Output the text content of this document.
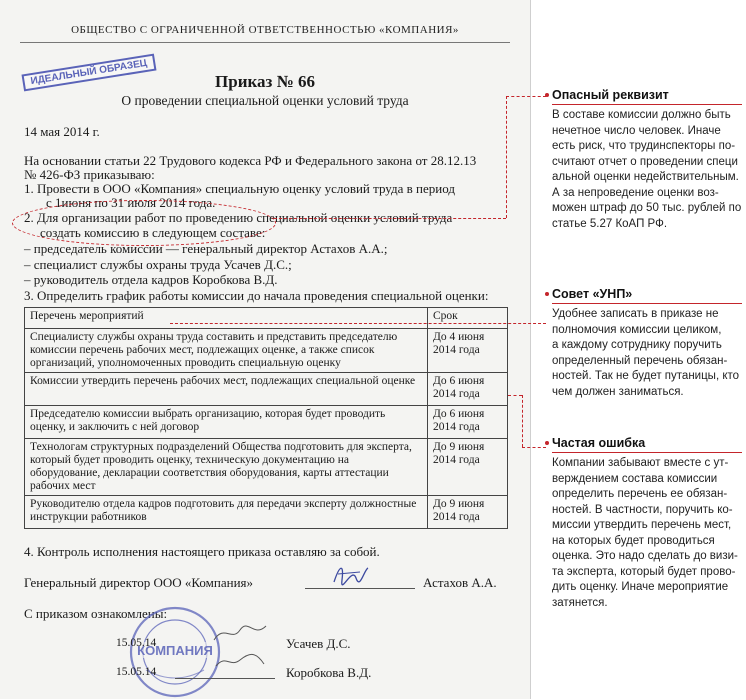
ОБЩЕСТВО С ОГРАНИЧЕННОЙ ОТВЕТСТВЕННОСТЬЮ «КОМПАНИЯ»
ИДЕАЛЬНЫЙ ОБРАЗЕЦ	Приказ № 66
О проведении специальной оценки условий труда
14 мая 2014 г.
На основании статьи 22 Трудового кодекса РФ и Федерального закона от 28.12.13
№ 426-ФЗ приказываю:
1. Провести в ООО «Компания» специальную оценку условий труда в период
с 1июня по 31 июля 2014 года.
2. Для организации работ по проведению специальной оценки условий труда
создать комиссию в следующем составе:
– председатель комиссии — генеральный директор Астахов А.А.;
– специалист службы охраны труда Усачев Д.С.;
– руководитель отдела кадров Коробкова В.Д.
3. Определить график работы комиссии до начала проведения специальной оценки:
Перечень мероприятий	Срок
Специалисту службы охраны труда составить и представить председателю комиссии перечень рабочих мест, подлежащих оценке, а также список организаций, уполномоченных проводить специальную оценку	До 4 июня 2014 года
Комиссии утвердить перечень рабочих мест, подлежащих специальной оценке	До 6 июня 2014 года
Председателю комиссии выбрать организацию, которая будет проводить оценку, и заключить с ней договор	До 6 июня 2014 года
Технологам структурных подразделений Общества подготовить для эксперта, который будет проводить оценку, техническую документацию на оборудование, декларации соответствия оборудования, карты аттестации рабочих мест	До 9 июня 2014 года
Руководителю отдела кадров подготовить для передачи эксперту должностные инструкции работников	До 9 июня 2014 года
4. Контроль исполнения настоящего приказа оставляю за собой.
Генеральный директор ООО «Компания»	Астахов А.А.
С приказом ознакомлены:
КОМПАНИЯ
15.05.14	Усачев Д.С.
15.05.14	Коробкова В.Д.
Опасный реквизит
В составе комиссии должно быть
нечетное число человек. Иначе
есть риск, что трудинспекторы по-
считают отчет о проведении специ
альной оценки недействительным.
А за непроведение оценки воз-
можен штраф до 50 тыс. рублей по
статье 5.27 КоАП РФ.
Совет «УНП»
Удобнее записать в приказе не
полномочия комиссии целиком,
а каждому сотруднику поручить
определенный перечень обязан-
ностей. Так не будет путаницы, кто
чем должен заниматься.
Частая ошибка
Компании забывают вместе с ут-
верждением состава комиссии
определить перечень ее обязан-
ностей. В частности, поручить ко-
миссии утвердить перечень мест,
на которых будет проводиться
оценка. Это надо сделать до визи-
та эксперта, который будет прово-
дить оценку. Иначе мероприятие
затянется.
